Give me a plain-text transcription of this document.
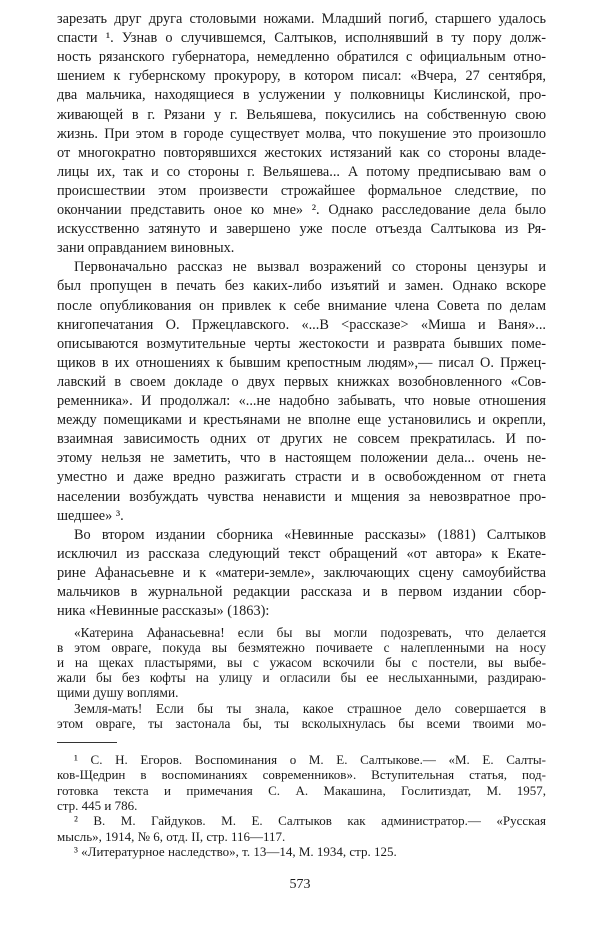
зарезать друг друга столовыми ножами. Младший погиб, старшего удалось
спасти ¹. Узнав о случившемся, Салтыков, исполнявший в ту пору долж-
ность рязанского губернатора, немедленно обратился с официальным отно-
шением к губернскому прокурору, в котором писал: «Вчера, 27 сентября,
два мальчика, находящиеся в услужении у полковницы Кислинской, про-
живающей в г. Рязани у г. Вельяшева, покусились на собственную свою
жизнь. При этом в городе существует молва, что покушение это произошло
от многократно повторявшихся жестоких истязаний как со стороны владе-
лицы их, так и со стороны г. Вельяшева... А потому предписываю вам о
происшествии этом произвести строжайшее формальное следствие, по
окончании представить оное ко мне» ². Однако расследование дела было
искусственно затянуто и завершено уже после отъезда Салтыкова из Ря-
зани оправданием виновных.
Первоначально рассказ не вызвал возражений со стороны цензуры и
был пропущен в печать без каких-либо изъятий и замен. Однако вскоре
после опубликования он привлек к себе внимание члена Совета по делам
книгопечатания О. Пржецлавского. «...В <рассказе> «Миша и Ваня»...
описываются возмутительные черты жестокости и разврата бывших поме-
щиков в их отношениях к бывшим крепостным людям»,— писал О. Пржец-
лавский в своем докладе о двух первых книжках возобновленного «Сов-
ременника». И продолжал: «...не надобно забывать, что новые отношения
между помещиками и крестьянами не вполне еще установились и окрепли,
взаимная зависимость одних от других не совсем прекратилась. И по-
этому нельзя не заметить, что в настоящем положении дела... очень не-
уместно и даже вредно разжигать страсти и в освобожденном от гнета
населении возбуждать чувства ненависти и мщения за невозвратное про-
шедшее» ³.
Во втором издании сборника «Невинные рассказы» (1881) Салтыков
исключил из рассказа следующий текст обращений «от автора» к Екате-
рине Афанасьевне и к «матери-земле», заключающих сцену самоубийства
мальчиков в журнальной редакции рассказа и в первом издании сбор-
ника «Невинные рассказы» (1863):
«Катерина Афанасьевна! если бы вы могли подозревать, что делается
в этом овраге, покуда вы безмятежно почиваете с налепленными на носу
и на щеках пластырями, вы с ужасом вскочили бы с постели, вы выбе-
жали бы без кофты на улицу и огласили бы ее неслыханными, раздираю-
щими душу воплями.
Земля-мать! Если бы ты знала, какое страшное дело совершается в
этом овраге, ты застонала бы, ты всколыхнулась бы всеми твоими мо-
¹ С. Н. Егоров. Воспоминания о М. Е. Салтыкове.— «М. Е. Салты-
ков-Щедрин в воспоминаниях современников». Вступительная статья, под-
готовка текста и примечания С. А. Макашина, Гослитиздат, М. 1957,
стр. 445 и 786.
² В. М. Гайдуков. М. Е. Салтыков как администратор.— «Русская
мысль», 1914, № 6, отд. II, стр. 116—117.
³ «Литературное наследство», т. 13—14, М. 1934, стр. 125.
573
